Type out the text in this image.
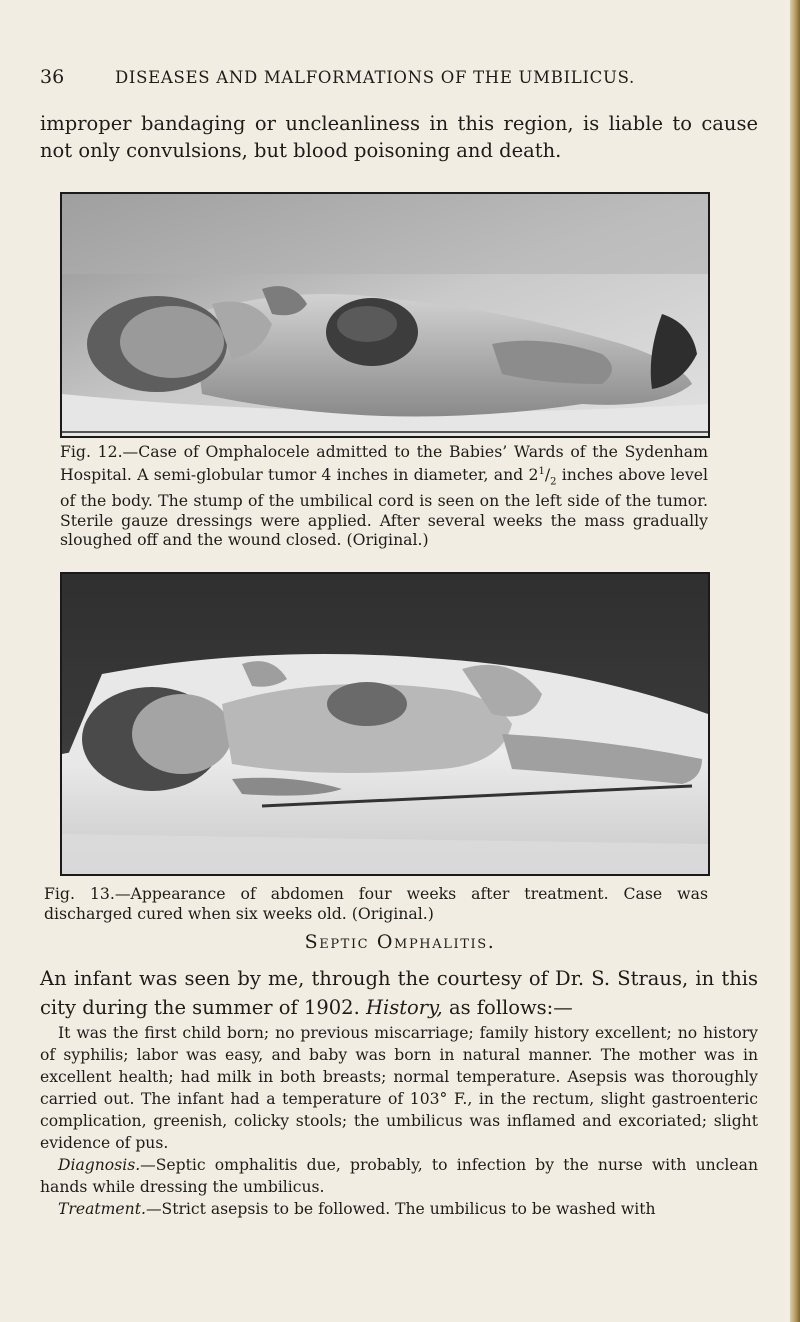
36	DISEASES AND MALFORMATIONS OF THE UMBILICUS.
improper bandaging or uncleanliness in this region, is liable to cause not only convulsions, but blood poisoning and death.
Fig. 12.—Case of Omphalocele admitted to the Babies’ Wards of the Sydenham Hospital. A semi-globular tumor 4 inches in diameter, and $2^1/_2$ inches above level of the body. The stump of the umbilical cord is seen on the left side of the tumor. Sterile gauze dressings were applied. After several weeks the mass gradually sloughed off and the wound closed. (Original.)
Fig. 13.—Appearance of abdomen four weeks after treatment. Case was discharged cured when six weeks old. (Original.)
Septic Omphalitis.
An infant was seen by me, through the courtesy of Dr. S. Straus, in this city during the summer of 1902. History, as follows:—

It was the first child born; no previous miscarriage; family history excellent; no history of syphilis; labor was easy, and baby was born in natural manner. The mother was in excellent health; had milk in both breasts; normal temperature. Asepsis was thoroughly carried out. The infant had a temperature of 103° F., in the rectum, slight gastroenteric complication, greenish, colicky stools; the umbilicus was inflamed and excoriated; slight evidence of pus.

Diagnosis.—Septic omphalitis due, probably, to infection by the nurse with unclean hands while dressing the umbilicus.

Treatment.—Strict asepsis to be followed. The umbilicus to be washed with
